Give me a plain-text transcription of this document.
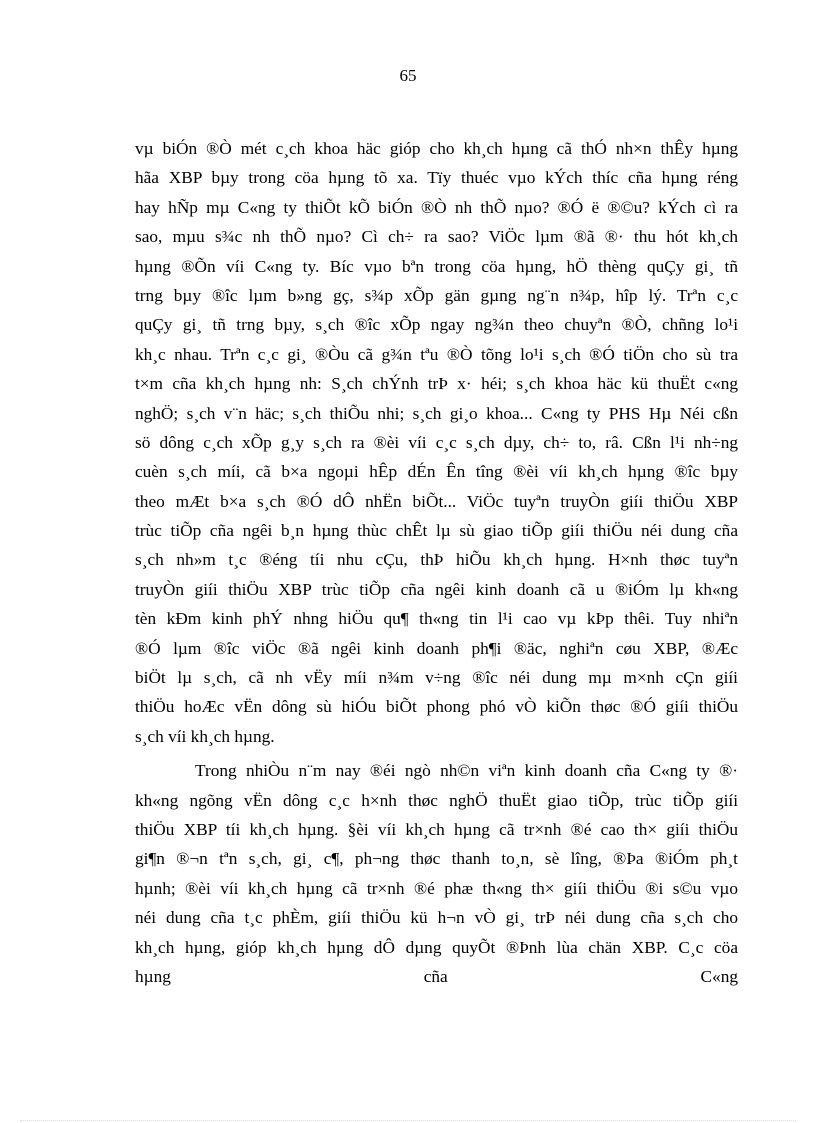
65
vµ biÓn ®Ò mét c¸ch khoa häc gióp cho kh¸ch hµng cã thÓ nh×n thÊy hµng
hãa XBP bµy trong cöa hµng tõ xa. Tïy thuéc vµo kÝch thíc cña hµng réng
hay hÑp mµ C«ng ty thiÕt kÕ biÓn ®Ò nh thÕ nµo? ®Ó ë ®©u? kÝch cì ra
sao, mµu s¾c nh thÕ nµo? Cì ch÷ ra sao? ViÖc lµm ®ã ®· thu hót kh¸ch
hµng ®Õn víi C«ng ty. Bíc vµo bªn trong cöa hµng, hÖ thèng quÇy gi¸ tñ
trng bµy ®îc lµm b»ng gç, s¾p xÕp gän gµng ng¨n n¾p, hîp lý. Trªn c¸c
quÇy gi¸ tñ trng bµy, s¸ch ®îc xÕp ngay ng¾n theo chuyªn ®Ò, chñng lo¹i
kh¸c nhau. Trªn c¸c gi¸ ®Òu cã g¾n tªu ®Ò tõng lo¹i s¸ch ®Ó tiÖn cho sù tra
t×m cña kh¸ch hµng nh: S¸ch chÝnh trÞ x· héi; s¸ch khoa häc kü thuËt c«ng
nghÖ; s¸ch v¨n häc; s¸ch thiÕu nhi; s¸ch gi¸o khoa... C«ng ty PHS Hµ Néi cßn
sö dông c¸ch xÕp g¸y s¸ch ra ®èi víi c¸c s¸ch dµy, ch÷ to, râ. Cßn l¹i nh÷ng
cuèn s¸ch míi, cã b×a ngoµi hÊp dÉn Ên tîng ®èi víi kh¸ch hµng ®îc bµy
theo mÆt b×a s¸ch ®Ó dÔ nhËn biÕt... ViÖc tuyªn truyÒn giíi thiÖu XBP
trùc tiÕp cña ngêi b¸n hµng thùc chÊt lµ sù giao tiÕp giíi thiÖu néi dung cña
s¸ch nh»m t¸c ®éng tíi nhu cÇu, thÞ hiÕu kh¸ch hµng. H×nh thøc tuyªn
truyÒn giíi thiÖu XBP trùc tiÕp cña ngêi kinh doanh cã u ®iÓm lµ kh«ng
tèn kÐm kinh phÝ nhng hiÖu qu¶ th«ng tin l¹i cao vµ kÞp thêi. Tuy nhiªn
®Ó lµm ®îc viÖc ®ã ngêi kinh doanh ph¶i ®äc, nghiªn cøu XBP, ®Æc
biÖt lµ s¸ch, cã nh vËy míi n¾m v÷ng ®îc néi dung mµ m×nh cÇn giíi
thiÖu hoÆc vËn dông sù hiÓu biÕt phong phó vÒ kiÕn thøc ®Ó giíi thiÖu
s¸ch víi kh¸ch hµng.
Trong nhiÒu n¨m nay ®éi ngò nh©n viªn kinh doanh cña C«ng ty ®·
kh«ng ngõng vËn dông c¸c h×nh thøc nghÖ thuËt giao tiÕp, trùc tiÕp giíi
thiÖu XBP tíi kh¸ch hµng. §èi víi kh¸ch hµng cã tr×nh ®é cao th× giíi thiÖu
gi¶n ®¬n tªn s¸ch, gi¸ c¶, ph¬ng thøc thanh to¸n, sè lîng, ®Þa ®iÓm ph¸t
hµnh; ®èi víi kh¸ch hµng cã tr×nh ®é phæ th«ng th× giíi thiÖu ®i s©u vµo
néi dung cña t¸c phÈm, giíi thiÖu kü h¬n vÒ gi¸ trÞ néi dung cña s¸ch cho
kh¸ch hµng, gióp kh¸ch hµng dÔ dµng quyÕt ®Þnh lùa chän XBP. C¸c cöa
hµng cña C«ng
